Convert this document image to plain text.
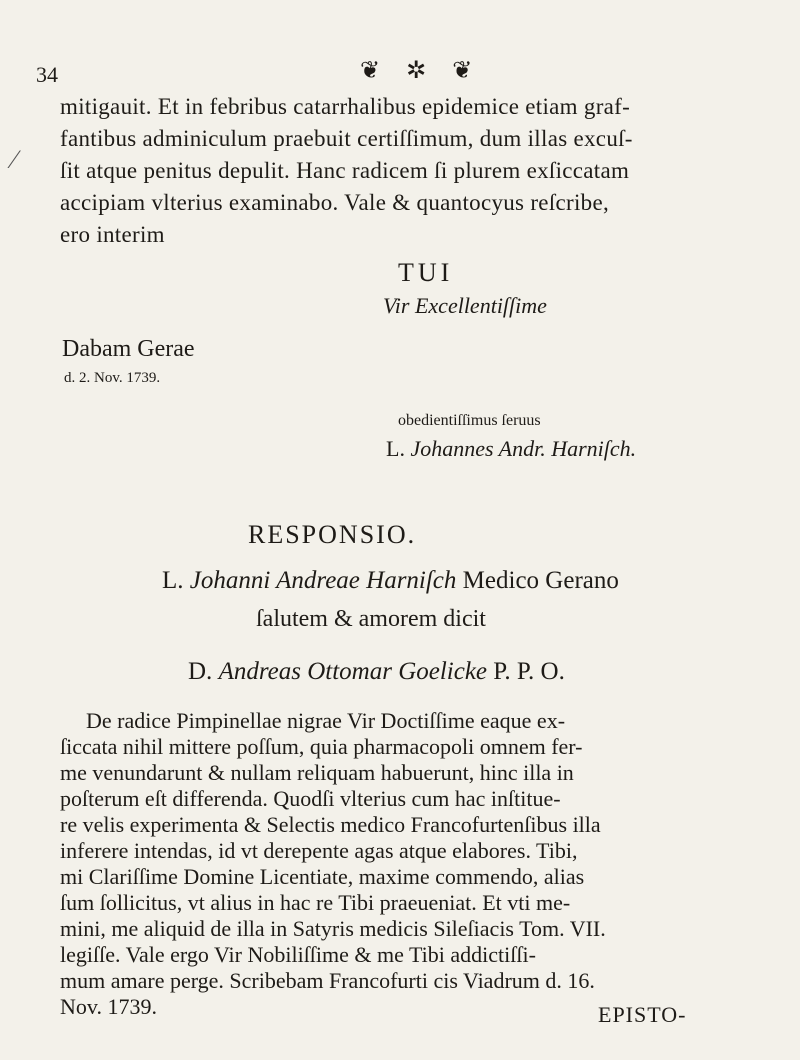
34	❦ ✲ ❦
⁄
mitigauit. Et in febribus catarrhalibus epidemice etiam graf-
fantibus adminiculum praebuit certiſſimum, dum illas excuſ-
ſit atque penitus depulit. Hanc radicem ſi plurem exſiccatam
accipiam vlterius examinabo. Vale & quantocyus reſcribe,
ero interim
TUI
Vir Excellentiſſime
Dabam Gerae
d. 2. Nov. 1739.
obedientiſſimus ſeruus
L. Johannes Andr. Harniſch.
RESPONSIO.
L. Johanni Andreae Harniſch Medico Gerano
ſalutem & amorem dicit
D. Andreas Ottomar Goelicke P. P. O.
De radice Pimpinellae nigrae Vir Doctiſſime eaque ex-
ſiccata nihil mittere poſſum, quia pharmacopoli omnem fer-
me venundarunt & nullam reliquam habuerunt, hinc illa in
poſterum eſt differenda. Quodſi vlterius cum hac inſtitue-
re velis experimenta & Selectis medico Francofurtenſibus illa
inferere intendas, id vt derepente agas atque elabores. Tibi,
mi Clariſſime Domine Licentiate, maxime commendo, alias
ſum ſollicitus, vt alius in hac re Tibi praeueniat. Et vti me-
mini, me aliquid de illa in Satyris medicis Sileſiacis Tom. VII.
legiſſe. Vale ergo Vir Nobiliſſime & me Tibi addictiſſi-
mum amare perge. Scribebam Francofurti cis Viadrum d. 16.
Nov. 1739.	EPISTO-
